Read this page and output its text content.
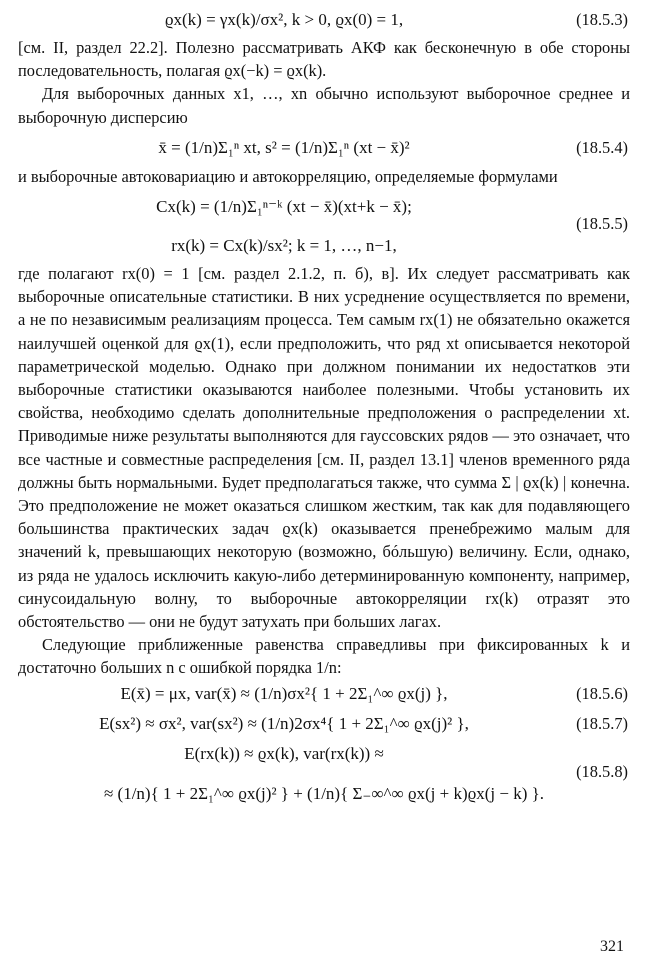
ϱx(k) = γx(k)/σx², k > 0, ϱx(0) = 1,	(18.5.3)

[см. II, раздел 22.2]. Полезно рассматривать АКФ как бесконечную в обе стороны последовательность, полагая ϱx(−k) = ϱx(k).

Для выборочных данных x1, …, xn обычно используют выборочное среднее и выборочную дисперсию

x̄ = (1/n)Σ₁ⁿ xt, s² = (1/n)Σ₁ⁿ (xt − x̄)²	(18.5.4)

и выборочные автоковариацию и автокорреляцию, определяемые формулами

Cx(k) = (1/n)Σ₁ⁿ⁻ᵏ (xt − x̄)(xt+k − x̄);
(18.5.5)
rx(k) = Cx(k)/sx²; k = 1, …, n−1,

где полагают rx(0) = 1 [см. раздел 2.1.2, п. б), в]. Их следует рассматривать как выборочные описательные статистики. В них усреднение осуществляется по времени, а не по независимым реализациям процесса. Тем самым rx(1) не обязательно окажется наилучшей оценкой для ϱx(1), если предположить, что ряд xt описывается некоторой параметрической моделью. Однако при должном понимании их недостатков эти выборочные статистики оказываются наиболее полезными. Чтобы установить их свойства, необходимо сделать дополнительные предположения о распределении xt. Приводимые ниже результаты выполняются для гауссовских рядов — это означает, что все частные и совместные распределения [см. II, раздел 13.1] членов временного ряда должны быть нормальными. Будет предполагаться также, что сумма Σ | ϱx(k) | конечна. Это предположение не может оказаться слишком жестким, так как для подавляющего большинства практических задач ϱx(k) оказывается пренебрежимо малым для значений k, превышающих некоторую (возможно, бóльшую) величину. Если, однако, из ряда не удалось исключить какую-либо детерминированную компоненту, например, синусоидальную волну, то выборочные автокорреляции rx(k) отразят это обстоятельство — они не будут затухать при больших лагах.

Следующие приближенные равенства справедливы при фиксированных k и достаточно больших n с ошибкой порядка 1/n:

E(x̄) = μx, var(x̄) ≈ (1/n)σx²{ 1 + 2Σ₁^∞ ϱx(j) },	(18.5.6)
E(sx²) ≈ σx², var(sx²) ≈ (1/n)2σx⁴{ 1 + 2Σ₁^∞ ϱx(j)² },	(18.5.7)
E(rx(k)) ≈ ϱx(k), var(rx(k)) ≈
(18.5.8)
≈ (1/n){ 1 + 2Σ₁^∞ ϱx(j)² } + (1/n){ Σ₋∞^∞ ϱx(j + k)ϱx(j − k) }.
321
